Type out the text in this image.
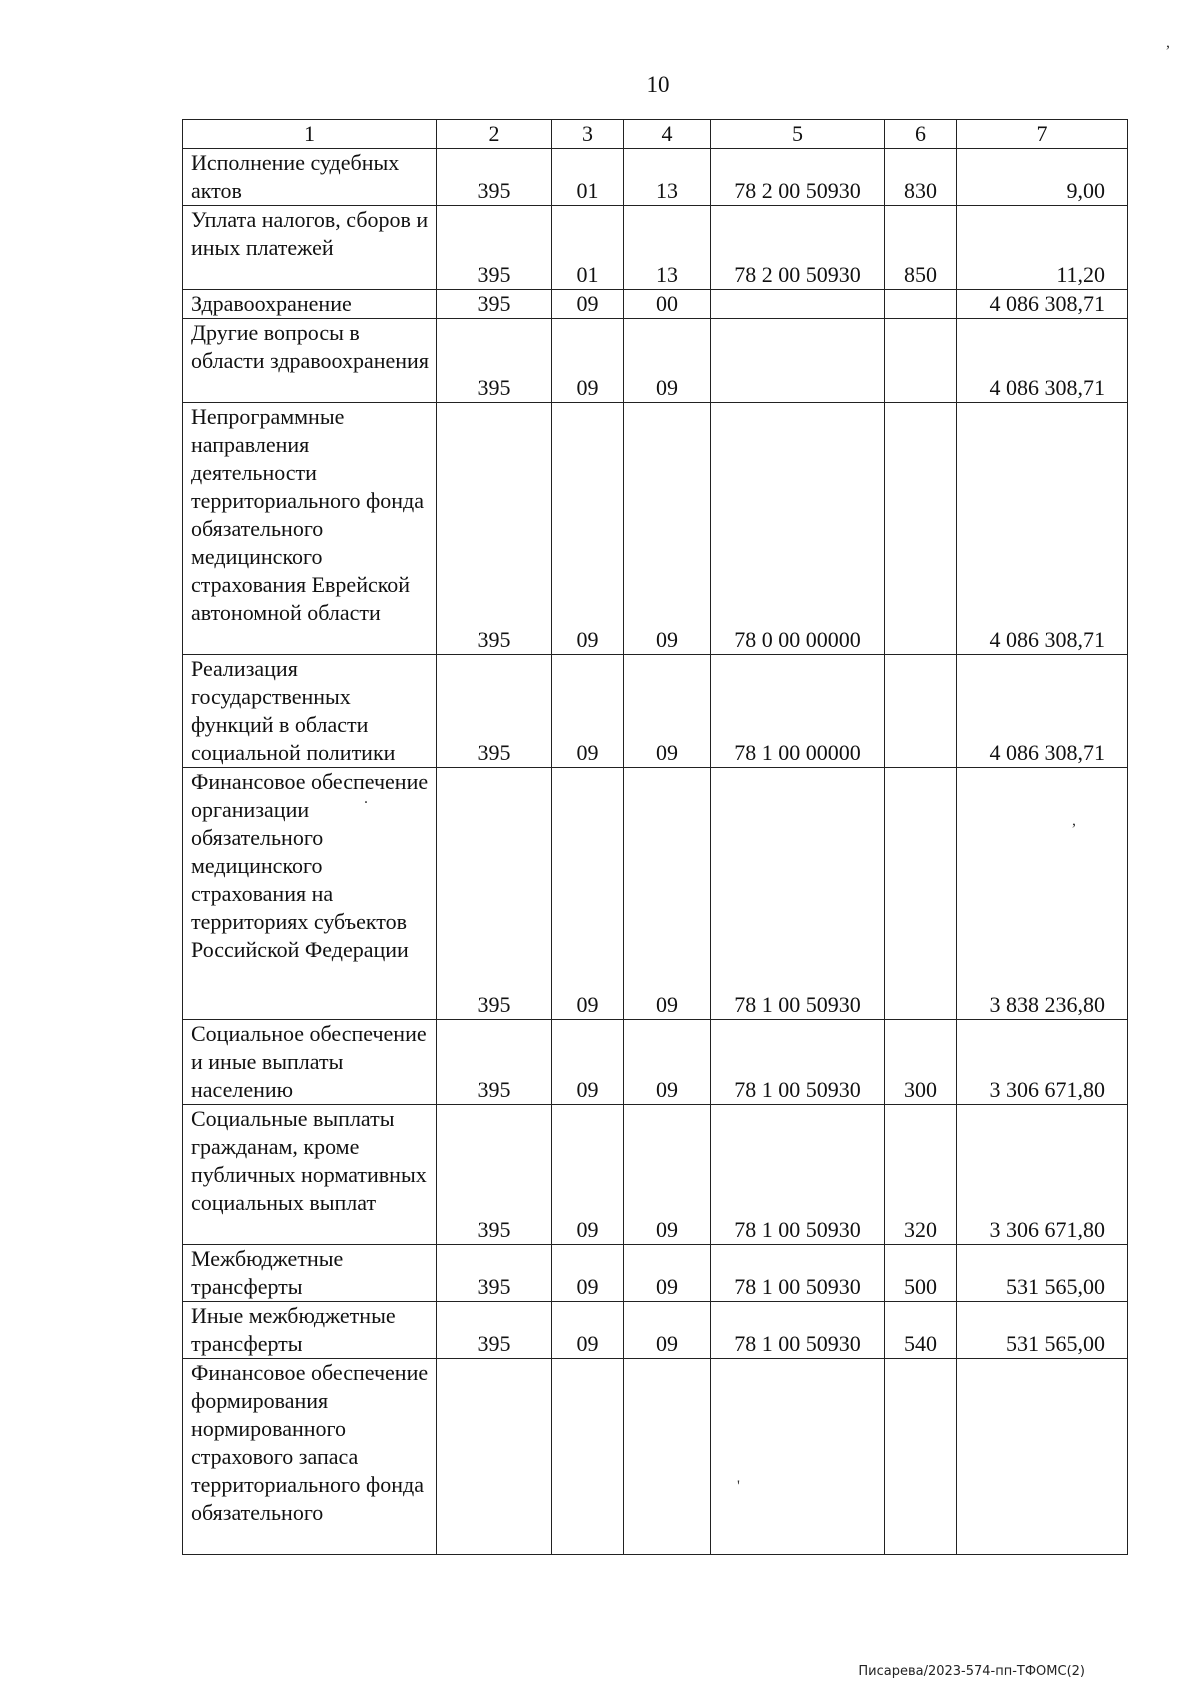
10
1	2	3	4	5	6	7
Исполнение судебных актов	395	01	13	78 2 00 50930	830	9,00
Уплата налогов, сборов и иных платежей	395	01	13	78 2 00 50930	850	11,20
Здравоохранение	395	09	00			4 086 308,71
Другие вопросы в области здравоохранения	395	09	09			4 086 308,71
Непрограммные направления деятельности территориального фонда обязательного медицинского страхования Еврейской автономной области	395	09	09	78 0 00 00000		4 086 308,71
Реализация государственных функций в области социальной политики	395	09	09	78 1 00 00000		4 086 308,71
Финансовое обеспечение организации обязательного медицинского страхования на территориях субъектов Российской Федерации	395	09	09	78 1 00 50930		3 838 236,80
Социальное обеспечение и иные выплаты населению	395	09	09	78 1 00 50930	300	3 306 671,80
Социальные выплаты гражданам, кроме публичных нормативных социальных выплат	395	09	09	78 1 00 50930	320	3 306 671,80
Межбюджетные трансферты	395	09	09	78 1 00 50930	500	531 565,00
Иные межбюджетные трансферты	395	09	09	78 1 00 50930	540	531 565,00
Финансовое обеспечение формирования нормированного страхового запаса территориального фонда обязательного						
,
.
,
'
Писарева/2023-574-пп-ТФОМС(2)
